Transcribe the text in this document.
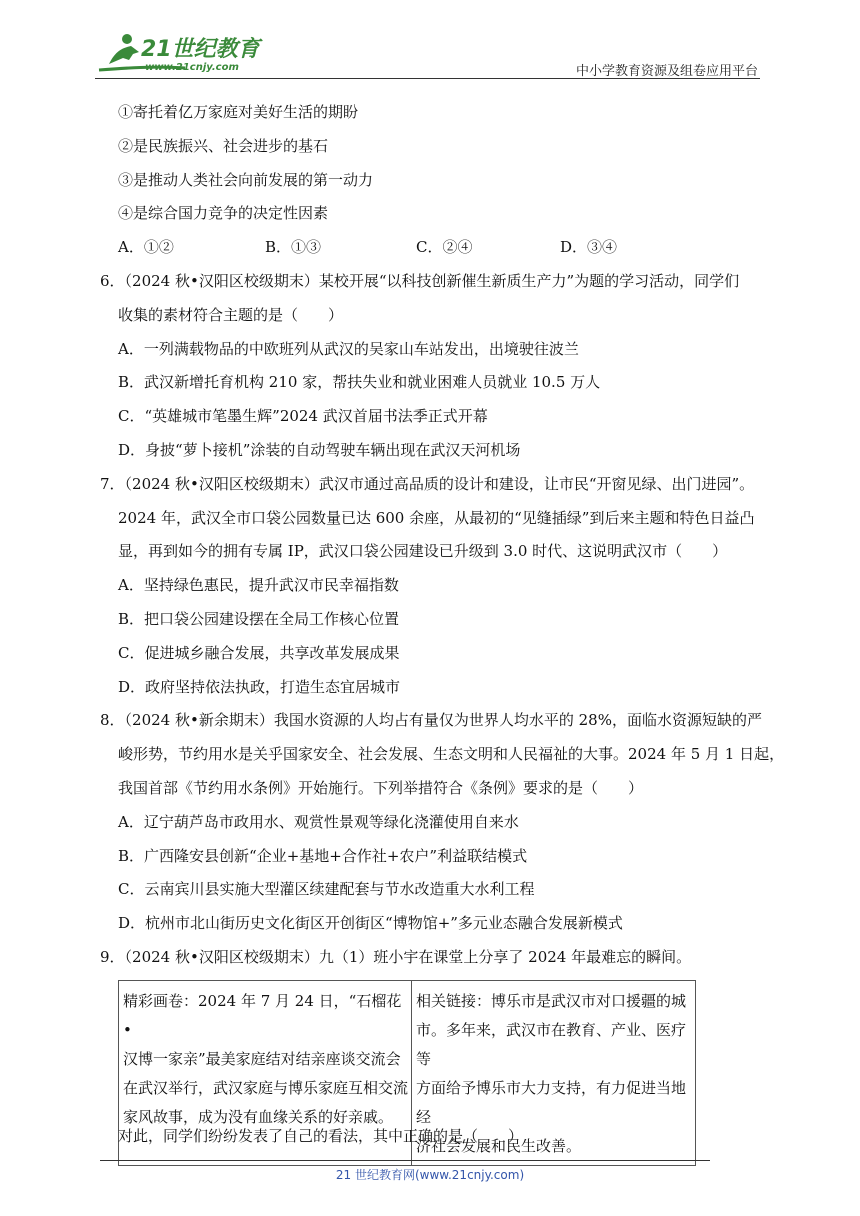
21世纪教育
www.21cnjy.com	中小学教育资源及组卷应用平台
①寄托着亿万家庭对美好生活的期盼
②是民族振兴、社会进步的基石
③是推动人类社会向前发展的第一动力
④是综合国力竞争的决定性因素
A．①②	B．①③	C．②④	D．③④
6．（2024 秋•汉阳区校级期末）某校开展“以科技创新催生新质生产力”为题的学习活动，同学们
收集的素材符合主题的是（　　）
A．一列满载物品的中欧班列从武汉的吴家山车站发出，出境驶往波兰
B．武汉新增托育机构 210 家，帮扶失业和就业困难人员就业 10.5 万人
C．“英雄城市笔墨生辉”2024 武汉首届书法季正式开幕
D．身披“萝卜接机”涂装的自动驾驶车辆出现在武汉天河机场
7．（2024 秋•汉阳区校级期末）武汉市通过高品质的设计和建设，让市民“开窗见绿、出门进园”。
2024 年，武汉全市口袋公园数量已达 600 余座，从最初的“见缝插绿”到后来主题和特色日益凸
显，再到如今的拥有专属 IP，武汉口袋公园建设已升级到 3.0 时代、这说明武汉市（　　）
A．坚持绿色惠民，提升武汉市民幸福指数
B．把口袋公园建设摆在全局工作核心位置
C．促进城乡融合发展，共享改革发展成果
D．政府坚持依法执政，打造生态宜居城市
8．（2024 秋•新余期末）我国水资源的人均占有量仅为世界人均水平的 28%，面临水资源短缺的严
峻形势，节约用水是关乎国家安全、社会发展、生态文明和人民福祉的大事。2024 年 5 月 1 日起，
我国首部《节约用水条例》开始施行。下列举措符合《条例》要求的是（　　）
A．辽宁葫芦岛市政用水、观赏性景观等绿化浇灌使用自来水
B．广西隆安县创新“企业+基地+合作社+农户”利益联结模式
C．云南宾川县实施大型灌区续建配套与节水改造重大水利工程
D．杭州市北山街历史文化街区开创街区“博物馆+”多元业态融合发展新模式
9．（2024 秋•汉阳区校级期末）九（1）班小宇在课堂上分享了 2024 年最难忘的瞬间。
精彩画卷：2024 年 7 月 24 日，“石榴花•
汉博一家亲”最美家庭结对结亲座谈交流会
在武汉举行，武汉家庭与博乐家庭互相交流
家风故事，成为没有血缘关系的好亲戚。

相关链接：博乐市是武汉市对口援疆的城
市。多年来，武汉市在教育、产业、医疗等
方面给予博乐市大力支持，有力促进当地经
济社会发展和民生改善。
对此，同学们纷纷发表了自己的看法，其中正确的是（　　）
21 世纪教育网(www.21cnjy.com)
